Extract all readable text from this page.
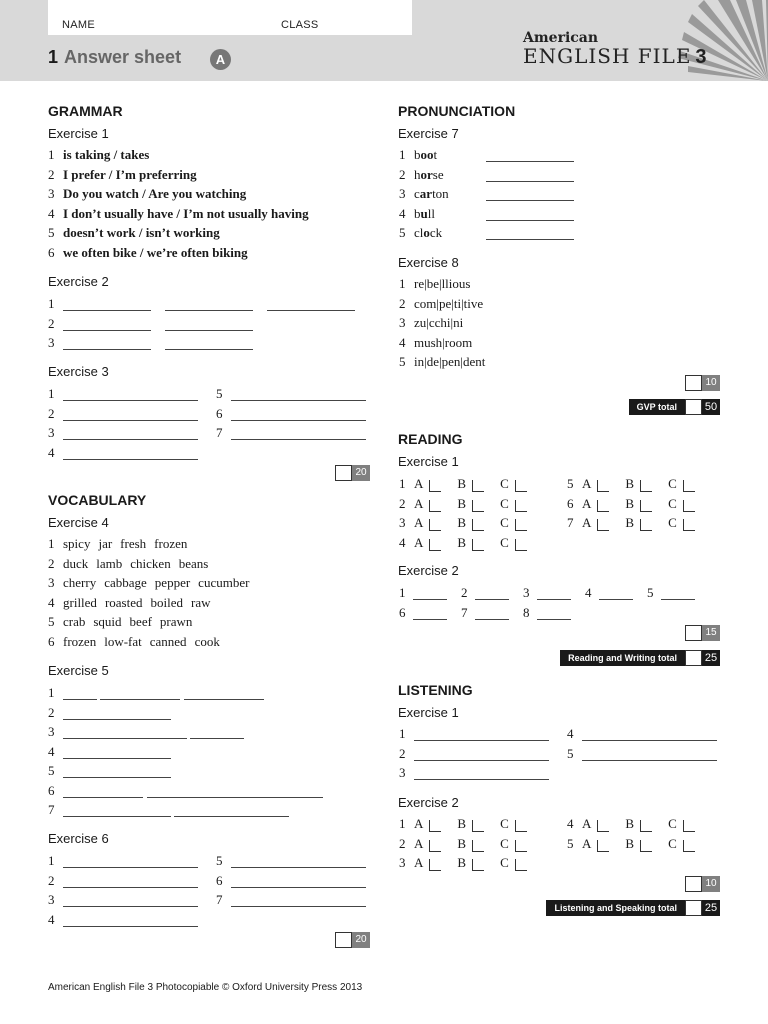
NAME	CLASS
1 Answer sheet	A
American
ENGLISH FILE 3
GRAMMAR
Exercise 1
1 is taking / takes
2 I prefer / I’m preferring
3 Do you watch / Are you watching
4 I don’t usually have / I’m not usually having
5 doesn’t work / isn’t working
6 we often bike / we’re often biking
Exercise 2
1
2
3
Exercise 3
1
2
3
4
5
6
7
20
VOCABULARY
Exercise 4
1 spicy jar fresh frozen
2 duck lamb chicken beans
3 cherry cabbage pepper cucumber
4 grilled roasted boiled raw
5 crab squid beef prawn
6 frozen low-fat canned cook
Exercise 5
1
2
3
4
5
6
7
Exercise 6
1
2
3
4
5
6
7
20
PRONUNCIATION
Exercise 7
1 boot
2 horse
3 carton
4 bull
5 clock
Exercise 8
1 re|be|llious
2 com|pe|ti|tive
3 zu|cchi|ni
4 mush|room
5 in|de|pen|dent
10
GVP total	50
READING
Exercise 1
1 A	B	C
2 A	B	C
3 A	B	C
4 A	B	C
5 A	B	C
6 A	B	C
7 A	B	C
Exercise 2
1	2	3	4	5
6	7	8
15
Reading and Writing total	25
LISTENING
Exercise 1
1
2
3
4
5
Exercise 2
1 A	B	C
2 A	B	C
3 A	B	C
4 A	B	C
5 A	B	C
10
Listening and Speaking total	25
American English File 3 Photocopiable © Oxford University Press 2013
